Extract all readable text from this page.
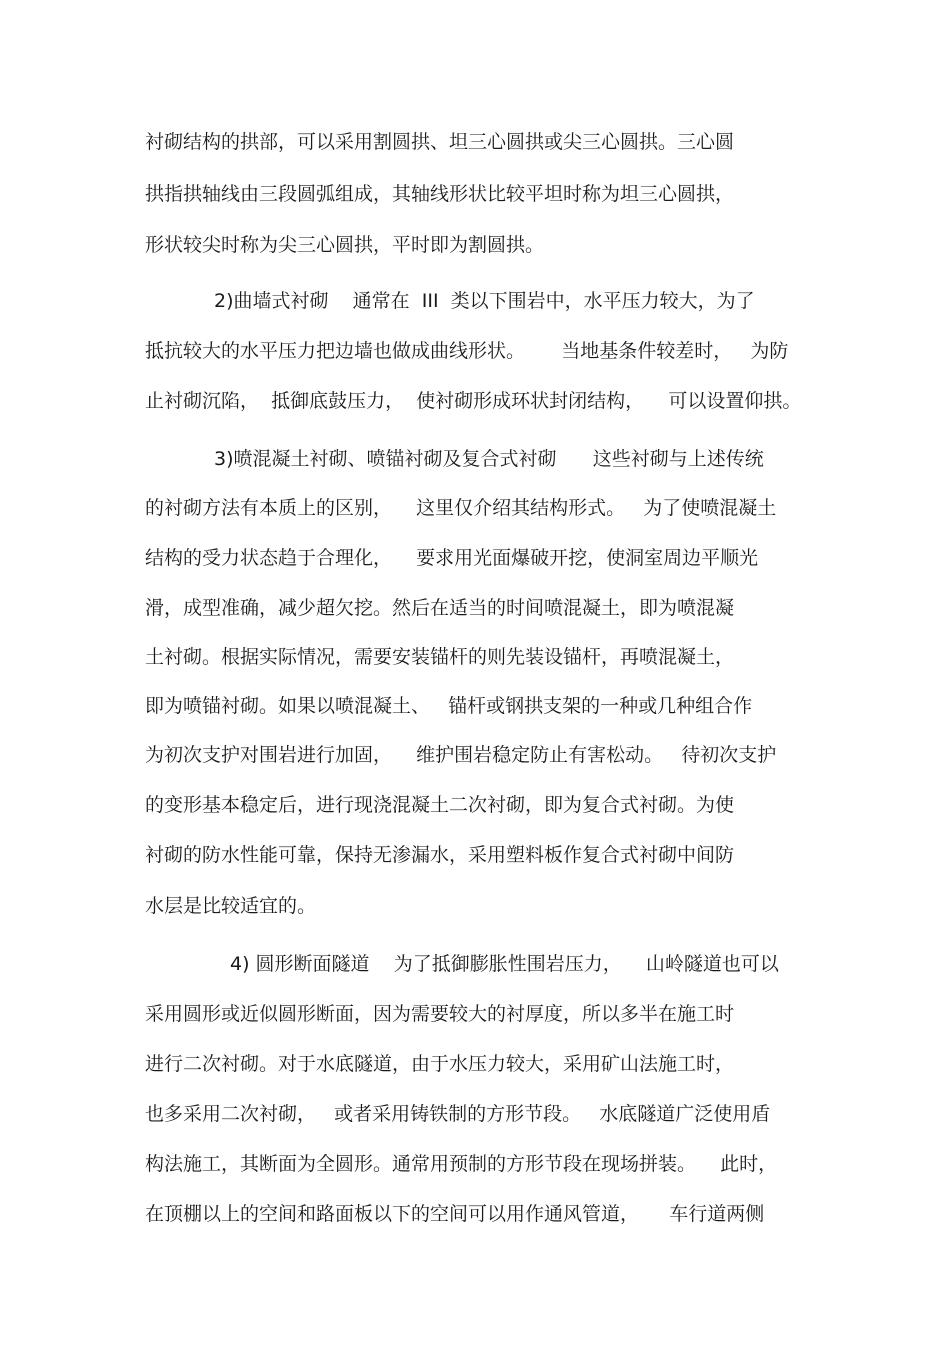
衬砌结构的拱部，可以采用割圆拱、坦三心圆拱或尖三心圆拱。三心圆
拱指拱轴线由三段圆弧组成，其轴线形状比较平坦时称为坦三心圆拱，
形状较尖时称为尖三心圆拱，平时即为割圆拱。
2)曲墙式衬砌    通常在  III  类以下围岩中，水平压力较大，为了
抵抗较大的水平压力把边墙也做成曲线形状。      当地基条件较差时，   为防
止衬砌沉陷，  抵御底鼓压力，  使衬砌形成环状封闭结构，    可以设置仰拱。
3)喷混凝土衬砌、喷锚衬砌及复合式衬砌      这些衬砌与上述传统
的衬砌方法有本质上的区别，    这里仅介绍其结构形式。   为了使喷混凝土
结构的受力状态趋于合理化，    要求用光面爆破开挖，使洞室周边平顺光
滑，成型准确，减少超欠挖。然后在适当的时间喷混凝土，即为喷混凝
土衬砌。根据实际情况，需要安装锚杆的则先装设锚杆，再喷混凝土，
即为喷锚衬砌。如果以喷混凝土、   锚杆或钢拱支架的一种或几种组合作
为初次支护对围岩进行加固，    维护围岩稳定防止有害松动。   待初次支护
的变形基本稳定后，进行现浇混凝土二次衬砌，即为复合式衬砌。为使
衬砌的防水性能可靠，保持无渗漏水，采用塑料板作复合式衬砌中间防
水层是比较适宜的。
4) 圆形断面隧道    为了抵御膨胀性围岩压力，    山岭隧道也可以
采用圆形或近似圆形断面，因为需要较大的衬厚度，所以多半在施工时
进行二次衬砌。对于水底隧道，由于水压力较大，采用矿山法施工时，
也多采用二次衬砌，   或者采用铸铁制的方形节段。   水底隧道广泛使用盾
构法施工，其断面为全圆形。通常用预制的方形节段在现场拼装。    此时，
在顶棚以上的空间和路面板以下的空间可以用作通风管道，     车行道两侧
